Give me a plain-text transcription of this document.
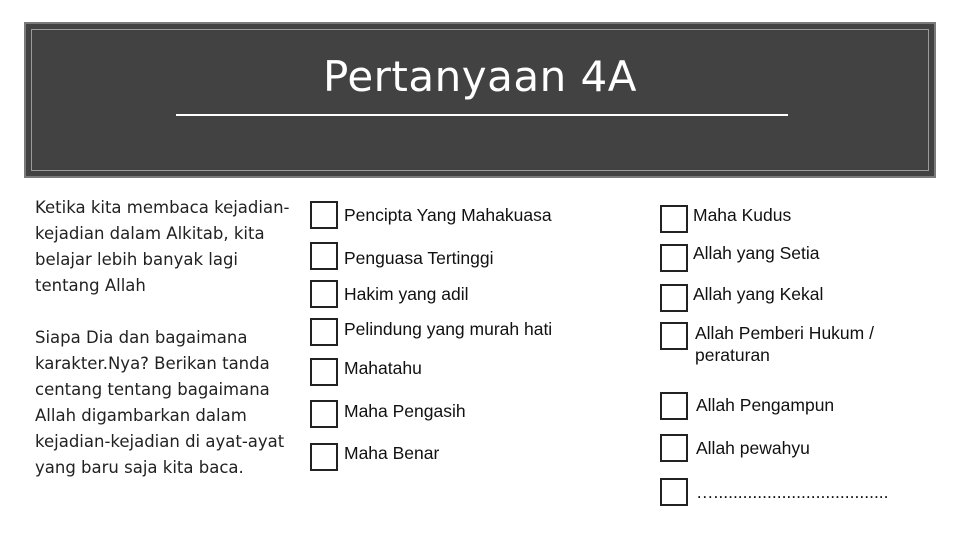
Pertanyaan 4A
Ketika kita membaca kejadian-kejadian dalam Alkitab, kita belajar lebih banyak lagi tentang Allah
Siapa Dia dan bagaimana karakter.Nya? Berikan tanda centang tentang bagaimana Allah digambarkan dalam kejadian-kejadian di ayat-ayat yang baru saja kita baca.
Pencipta Yang Mahakuasa
Penguasa Tertinggi
Hakim yang adil
Pelindung yang murah hati
Mahatahu
Maha Pengasih
Maha Benar
Maha Kudus
Allah yang Setia
Allah yang Kekal
Allah Pemberi Hukum / peraturan
Allah Pengampun
Allah pewahyu
…....................................
